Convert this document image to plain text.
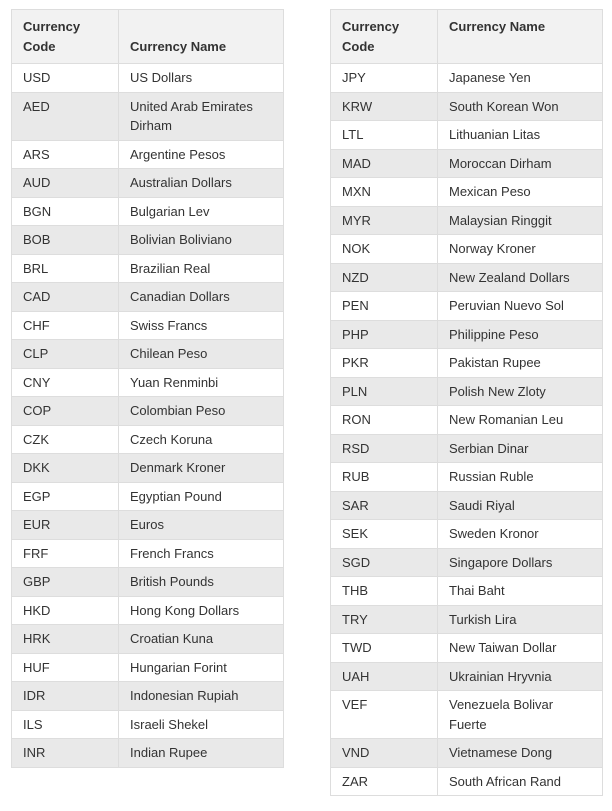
Currency Code	Currency Name
USD	US Dollars
AED	United Arab Emirates Dirham
ARS	Argentine Pesos
AUD	Australian Dollars
BGN	Bulgarian Lev
BOB	Bolivian Boliviano
BRL	Brazilian Real
CAD	Canadian Dollars
CHF	Swiss Francs
CLP	Chilean Peso
CNY	Yuan Renminbi
COP	Colombian Peso
CZK	Czech Koruna
DKK	Denmark Kroner
EGP	Egyptian Pound
EUR	Euros
FRF	French Francs
GBP	British Pounds
HKD	Hong Kong Dollars
HRK	Croatian Kuna
HUF	Hungarian Forint
IDR	Indonesian Rupiah
ILS	Israeli Shekel
INR	Indian Rupee
Currency Code	Currency Name
JPY	Japanese Yen
KRW	South Korean Won
LTL	Lithuanian Litas
MAD	Moroccan Dirham
MXN	Mexican Peso
MYR	Malaysian Ringgit
NOK	Norway Kroner
NZD	New Zealand Dollars
PEN	Peruvian Nuevo Sol
PHP	Philippine Peso
PKR	Pakistan Rupee
PLN	Polish New Zloty
RON	New Romanian Leu
RSD	Serbian Dinar
RUB	Russian Ruble
SAR	Saudi Riyal
SEK	Sweden Kronor
SGD	Singapore Dollars
THB	Thai Baht
TRY	Turkish Lira
TWD	New Taiwan Dollar
UAH	Ukrainian Hryvnia
VEF	Venezuela Bolivar Fuerte
VND	Vietnamese Dong
ZAR	South African Rand
